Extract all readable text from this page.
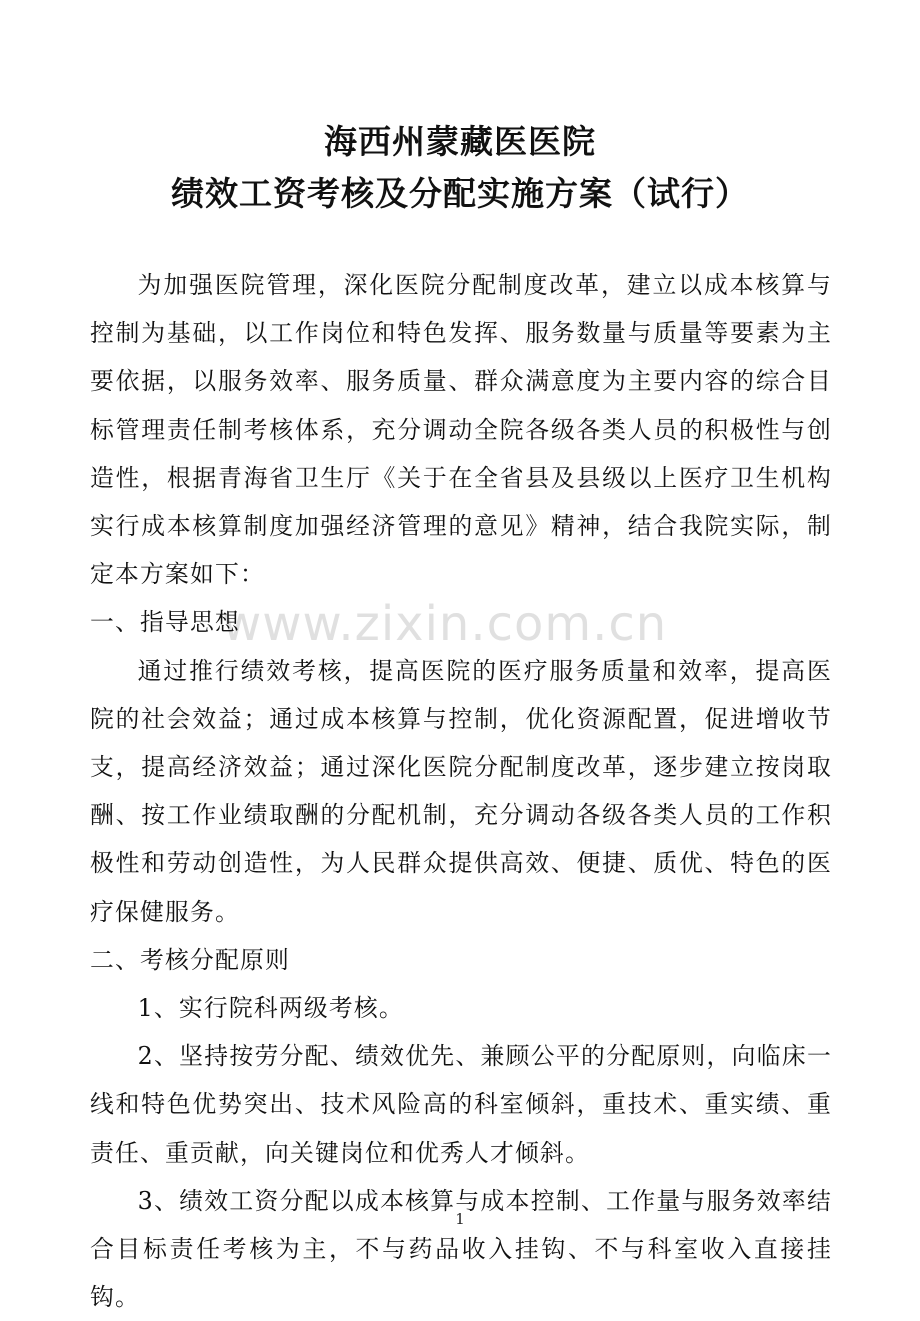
www.zixin.com.cn
海西州蒙藏医医院
绩效工资考核及分配实施方案（试行）

为加强医院管理，深化医院分配制度改革，建立以成本核算与控制为基础，以工作岗位和特色发挥、服务数量与质量等要素为主要依据，以服务效率、服务质量、群众满意度为主要内容的综合目标管理责任制考核体系，充分调动全院各级各类人员的积极性与创造性，根据青海省卫生厅《关于在全省县及县级以上医疗卫生机构实行成本核算制度加强经济管理的意见》精神，结合我院实际，制定本方案如下：

一、指导思想

通过推行绩效考核，提高医院的医疗服务质量和效率，提高医院的社会效益；通过成本核算与控制，优化资源配置，促进增收节支，提高经济效益；通过深化医院分配制度改革，逐步建立按岗取酬、按工作业绩取酬的分配机制，充分调动各级各类人员的工作积极性和劳动创造性，为人民群众提供高效、便捷、质优、特色的医疗保健服务。

二、考核分配原则

1、实行院科两级考核。

2、坚持按劳分配、绩效优先、兼顾公平的分配原则，向临床一线和特色优势突出、技术风险高的科室倾斜，重技术、重实绩、重责任、重贡献，向关键岗位和优秀人才倾斜。

3、绩效工资分配以成本核算与成本控制、工作量与服务效率结合目标责任考核为主，不与药品收入挂钩、不与科室收入直接挂钩。

1
